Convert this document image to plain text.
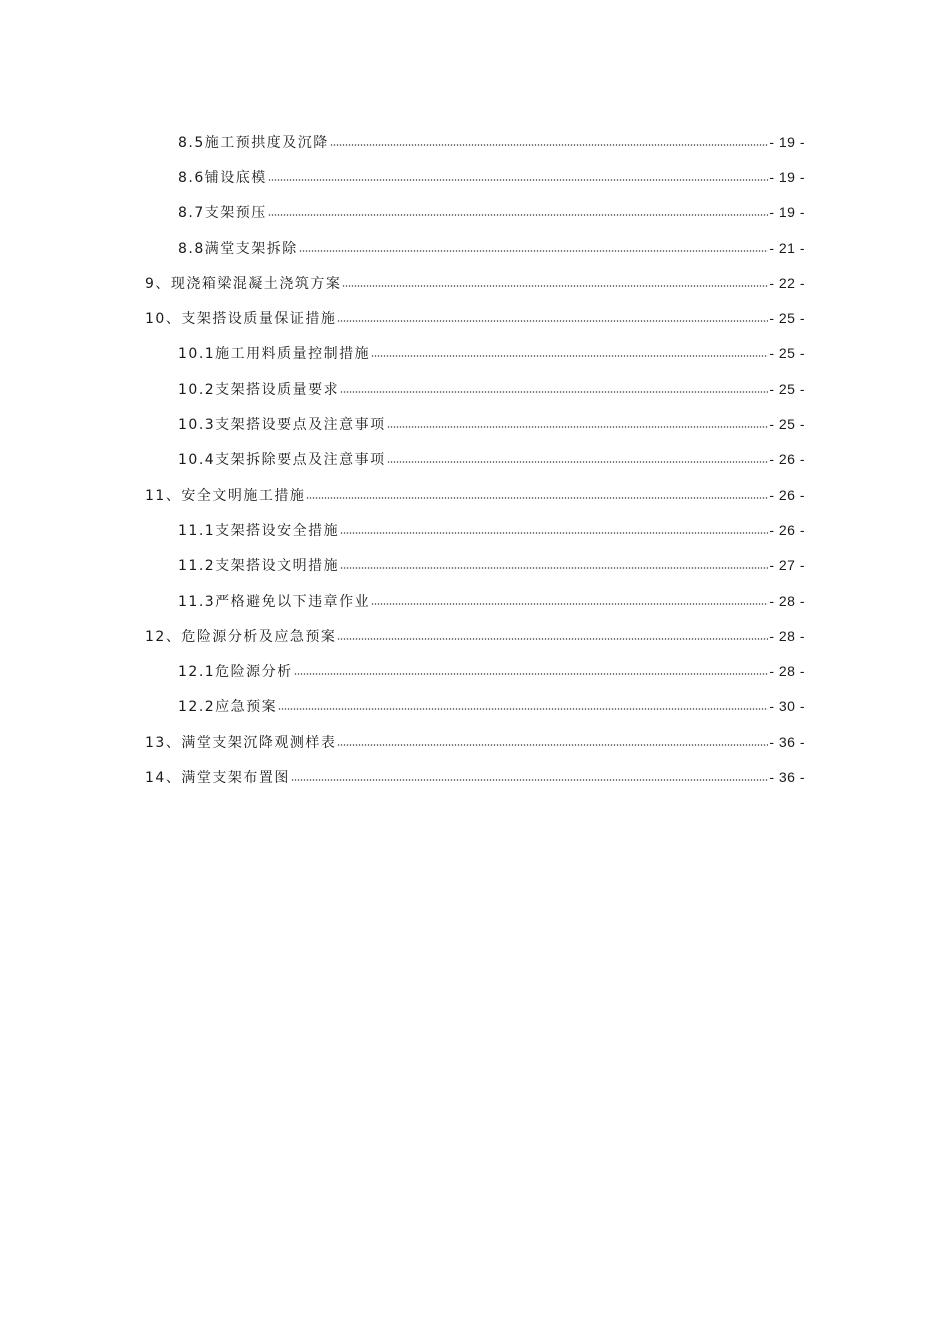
8.5施工预拱度及沉降	- 19 -
8.6铺设底模	- 19 -
8.7支架预压	- 19 -
8.8满堂支架拆除	- 21 -
9、现浇箱梁混凝土浇筑方案	- 22 -
10、支架搭设质量保证措施	- 25 -
10.1施工用料质量控制措施	- 25 -
10.2支架搭设质量要求	- 25 -
10.3支架搭设要点及注意事项	- 25 -
10.4支架拆除要点及注意事项	- 26 -
11、安全文明施工措施	- 26 -
11.1支架搭设安全措施	- 26 -
11.2支架搭设文明措施	- 27 -
11.3严格避免以下违章作业	- 28 -
12、危险源分析及应急预案	- 28 -
12.1危险源分析	- 28 -
12.2应急预案	- 30 -
13、满堂支架沉降观测样表	- 36 -
14、满堂支架布置图	- 36 -
